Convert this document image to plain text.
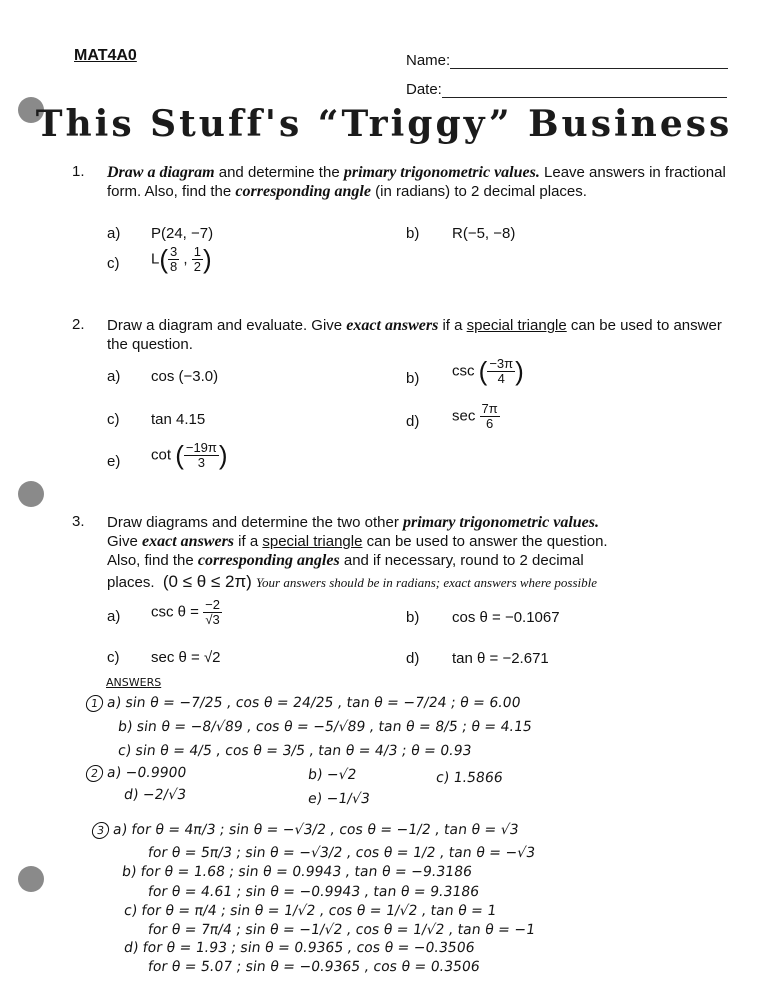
MAT4A0	Name:
Date:
This Stuff's “Triggy” Business
1. Draw a diagram and determine the primary trigonometric values. Leave answers in fractional form. Also, find the corresponding angle (in radians) to 2 decimal places.
a) P(24, −7)	b) R(−5, −8)
c) $L( \frac{3}{8}$ , $\frac{1}{2}$ )
2. Draw a diagram and evaluate. Give exact answers if a special triangle can be used to answer the question.
a) cos (−3.0)	b) csc ( $\frac{-3\pi}{4}$ )
c) tan 4.15	d) $\sec \frac{7\pi}{6}$
e) cot ( $\frac{-19\pi}{3}$ )
3. Draw diagrams and determine the two other primary trigonometric values.
Give exact answers if a special triangle can be used to answer the question.
Also, find the corresponding angles and if necessary, round to 2 decimal
places. (0 ≤ θ ≤ 2π) Your answers should be in radians; exact answers where possible
a) $\csc \theta = \frac{-2}{√3}$	b) cos θ = −0.1067
c) sec θ = √2	d) tan θ = −2.671
ANSWERS
1 a) sin θ = −7/25 , cos θ = 24/25 , tan θ = −7/24 ; θ = 6.00
b) sin θ = −8/√89 , cos θ = −5/√89 , tan θ = 8/5 ; θ = 4.15
c) sin θ = 4/5 , cos θ = 3/5 , tan θ = 4/3 ; θ = 0.93
2 a) −0.9900	b) −√2	c) 1.5866
d) −2/√3	e) −1/√3
3 a) for θ = 4π/3 ; sin θ = −√3/2 , cos θ = −1/2 , tan θ = √3
for θ = 5π/3 ; sin θ = −√3/2 , cos θ = 1/2 , tan θ = −√3
b) for θ = 1.68 ; sin θ = 0.9943 , tan θ = −9.3186
for θ = 4.61 ; sin θ = −0.9943 , tan θ = 9.3186
c) for θ = π/4 ; sin θ = 1/√2 , cos θ = 1/√2 , tan θ = 1
for θ = 7π/4 ; sin θ = −1/√2 , cos θ = 1/√2 , tan θ = −1
d) for θ = 1.93 ; sin θ = 0.9365 , cos θ = −0.3506
for θ = 5.07 ; sin θ = −0.9365 , cos θ = 0.3506
